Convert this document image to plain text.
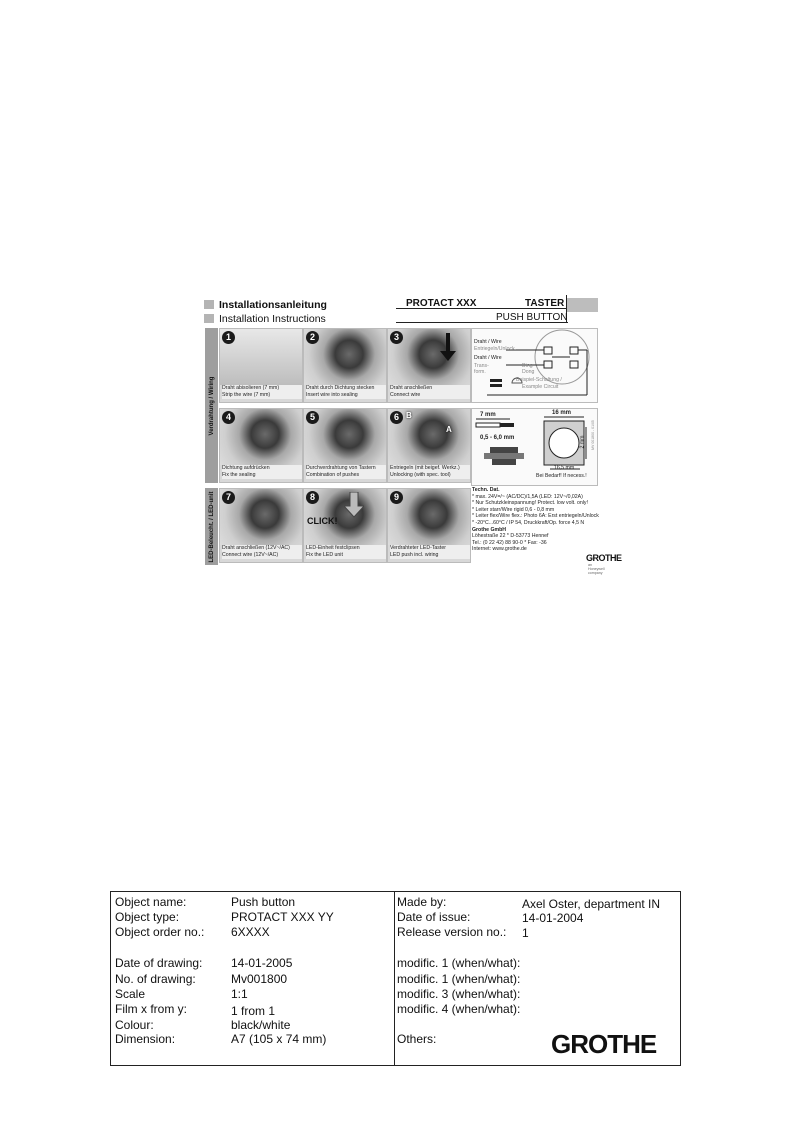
Installationsanleitung
Installation Instructions
PROTACT XXX	TASTER
PUSH BUTTON
Verdrahtung / Wiring
LED-Beleucht. / LED-unit
1
Draht abisolieren (7 mm)
Strip the wire (7 mm)
2
Draht durch Dichtung stecken
Insert wire into sealing
3
Draht anschließen
Connect wire
Draht / Wire
Entriegeln/Unlock.
Draht / Wire
Trans-
form.
Ding
Dong
Beispiel-Schaltung /
Example Circuit
4
Dichtung aufdrücken
Fix the sealing
5
Durchverdrahtung von Tastern
Combination of pushes
6 B
A
Entriegeln (mit beigef. Werkz.)
Unlocking (with spec. tool)
7 mm	16 mm
0,5 - 6,0 mm	2 mm MV 001800 - 01/05
16,5 mm
Bei Bedarf! If necess.!
7
Draht anschließen (12V~/AC)
Connect wire (12V~/AC)
8
CLICK!
LED-Einheit festclipsen
Fix the LED unit
9
Verdrahteter LED-Taster
LED push incl. wiring
Techn. Dat.
* max. 24V=/~ (AC/DC)/1,5A (LED: 12V~/0,02A)
* Nur Schutzkleinspannung! Protect. low volt. only!
* Leiter starr/Wire rigid 0,6 - 0,8 mm
* Leiter flex/Wire flex.: Photo 6A: Erst entriegeln/Unlock
* -20°C...60°C / IP 54, Druckkraft/Op. force 4,5 N
Grothe GmbH
Löhestraße 22 * D-53773 Hennef
Tel.: (0 22 42) 88 90-0 * Fax: -36
Internet: www.grothe.de
GROTHE
an Honeywell company
Object name:	Push button
Object type:	PROTACT XXX YY
Object order no.: 6XXXX
Date of drawing: 14-01-2005
No. of drawing:	Mv001800
Scale	1:1
Film x from y:	1 from 1
Colour:	black/white
Dimension:	A7 (105 x 74 mm)
Made by:	Axel Oster, department IN
Date of issue:	14-01-2004
Release version no.: 1
modific. 1 (when/what):
modific. 1 (when/what):
modific. 3 (when/what):
modific. 4 (when/what):
Others:	GROTHE
